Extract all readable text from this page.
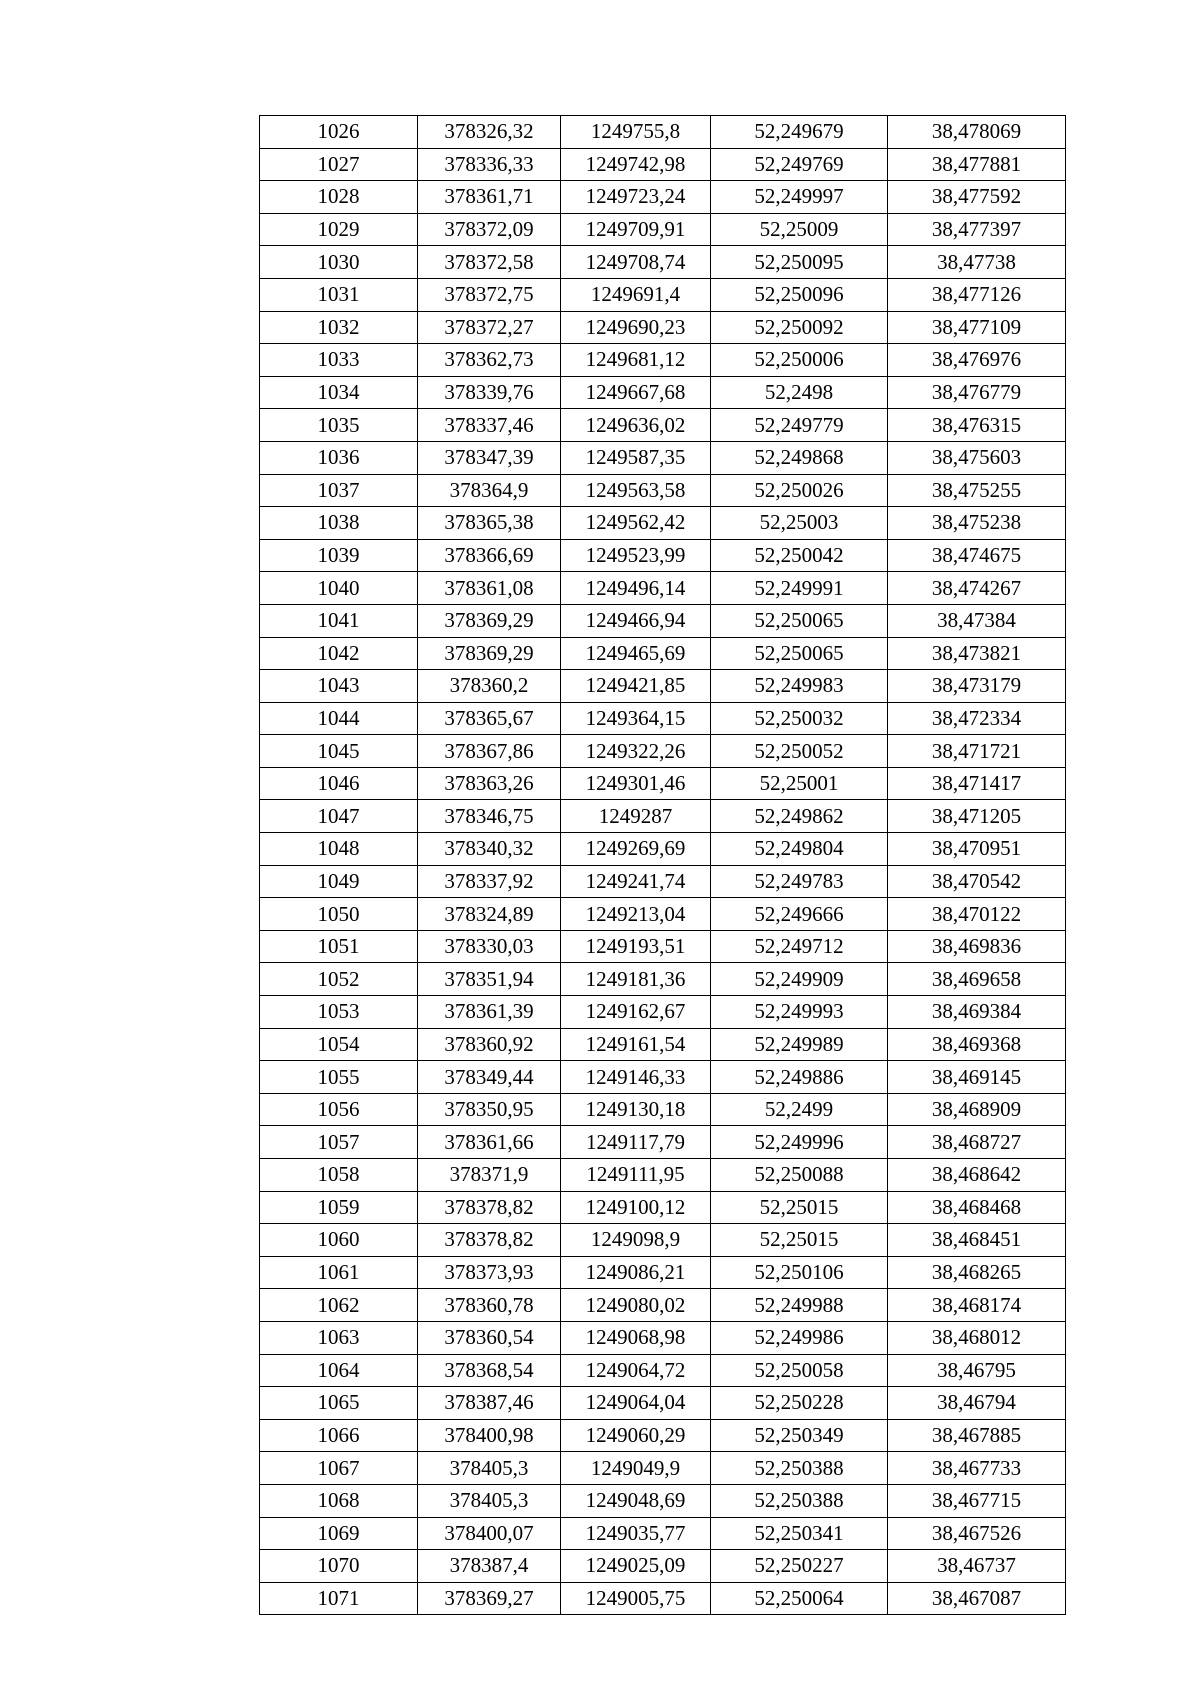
1026	378326,32	1249755,8	52,249679	38,478069
1027	378336,33	1249742,98	52,249769	38,477881
1028	378361,71	1249723,24	52,249997	38,477592
1029	378372,09	1249709,91	52,25009	38,477397
1030	378372,58	1249708,74	52,250095	38,47738
1031	378372,75	1249691,4	52,250096	38,477126
1032	378372,27	1249690,23	52,250092	38,477109
1033	378362,73	1249681,12	52,250006	38,476976
1034	378339,76	1249667,68	52,2498	38,476779
1035	378337,46	1249636,02	52,249779	38,476315
1036	378347,39	1249587,35	52,249868	38,475603
1037	378364,9	1249563,58	52,250026	38,475255
1038	378365,38	1249562,42	52,25003	38,475238
1039	378366,69	1249523,99	52,250042	38,474675
1040	378361,08	1249496,14	52,249991	38,474267
1041	378369,29	1249466,94	52,250065	38,47384
1042	378369,29	1249465,69	52,250065	38,473821
1043	378360,2	1249421,85	52,249983	38,473179
1044	378365,67	1249364,15	52,250032	38,472334
1045	378367,86	1249322,26	52,250052	38,471721
1046	378363,26	1249301,46	52,25001	38,471417
1047	378346,75	1249287	52,249862	38,471205
1048	378340,32	1249269,69	52,249804	38,470951
1049	378337,92	1249241,74	52,249783	38,470542
1050	378324,89	1249213,04	52,249666	38,470122
1051	378330,03	1249193,51	52,249712	38,469836
1052	378351,94	1249181,36	52,249909	38,469658
1053	378361,39	1249162,67	52,249993	38,469384
1054	378360,92	1249161,54	52,249989	38,469368
1055	378349,44	1249146,33	52,249886	38,469145
1056	378350,95	1249130,18	52,2499	38,468909
1057	378361,66	1249117,79	52,249996	38,468727
1058	378371,9	1249111,95	52,250088	38,468642
1059	378378,82	1249100,12	52,25015	38,468468
1060	378378,82	1249098,9	52,25015	38,468451
1061	378373,93	1249086,21	52,250106	38,468265
1062	378360,78	1249080,02	52,249988	38,468174
1063	378360,54	1249068,98	52,249986	38,468012
1064	378368,54	1249064,72	52,250058	38,46795
1065	378387,46	1249064,04	52,250228	38,46794
1066	378400,98	1249060,29	52,250349	38,467885
1067	378405,3	1249049,9	52,250388	38,467733
1068	378405,3	1249048,69	52,250388	38,467715
1069	378400,07	1249035,77	52,250341	38,467526
1070	378387,4	1249025,09	52,250227	38,46737
1071	378369,27	1249005,75	52,250064	38,467087
